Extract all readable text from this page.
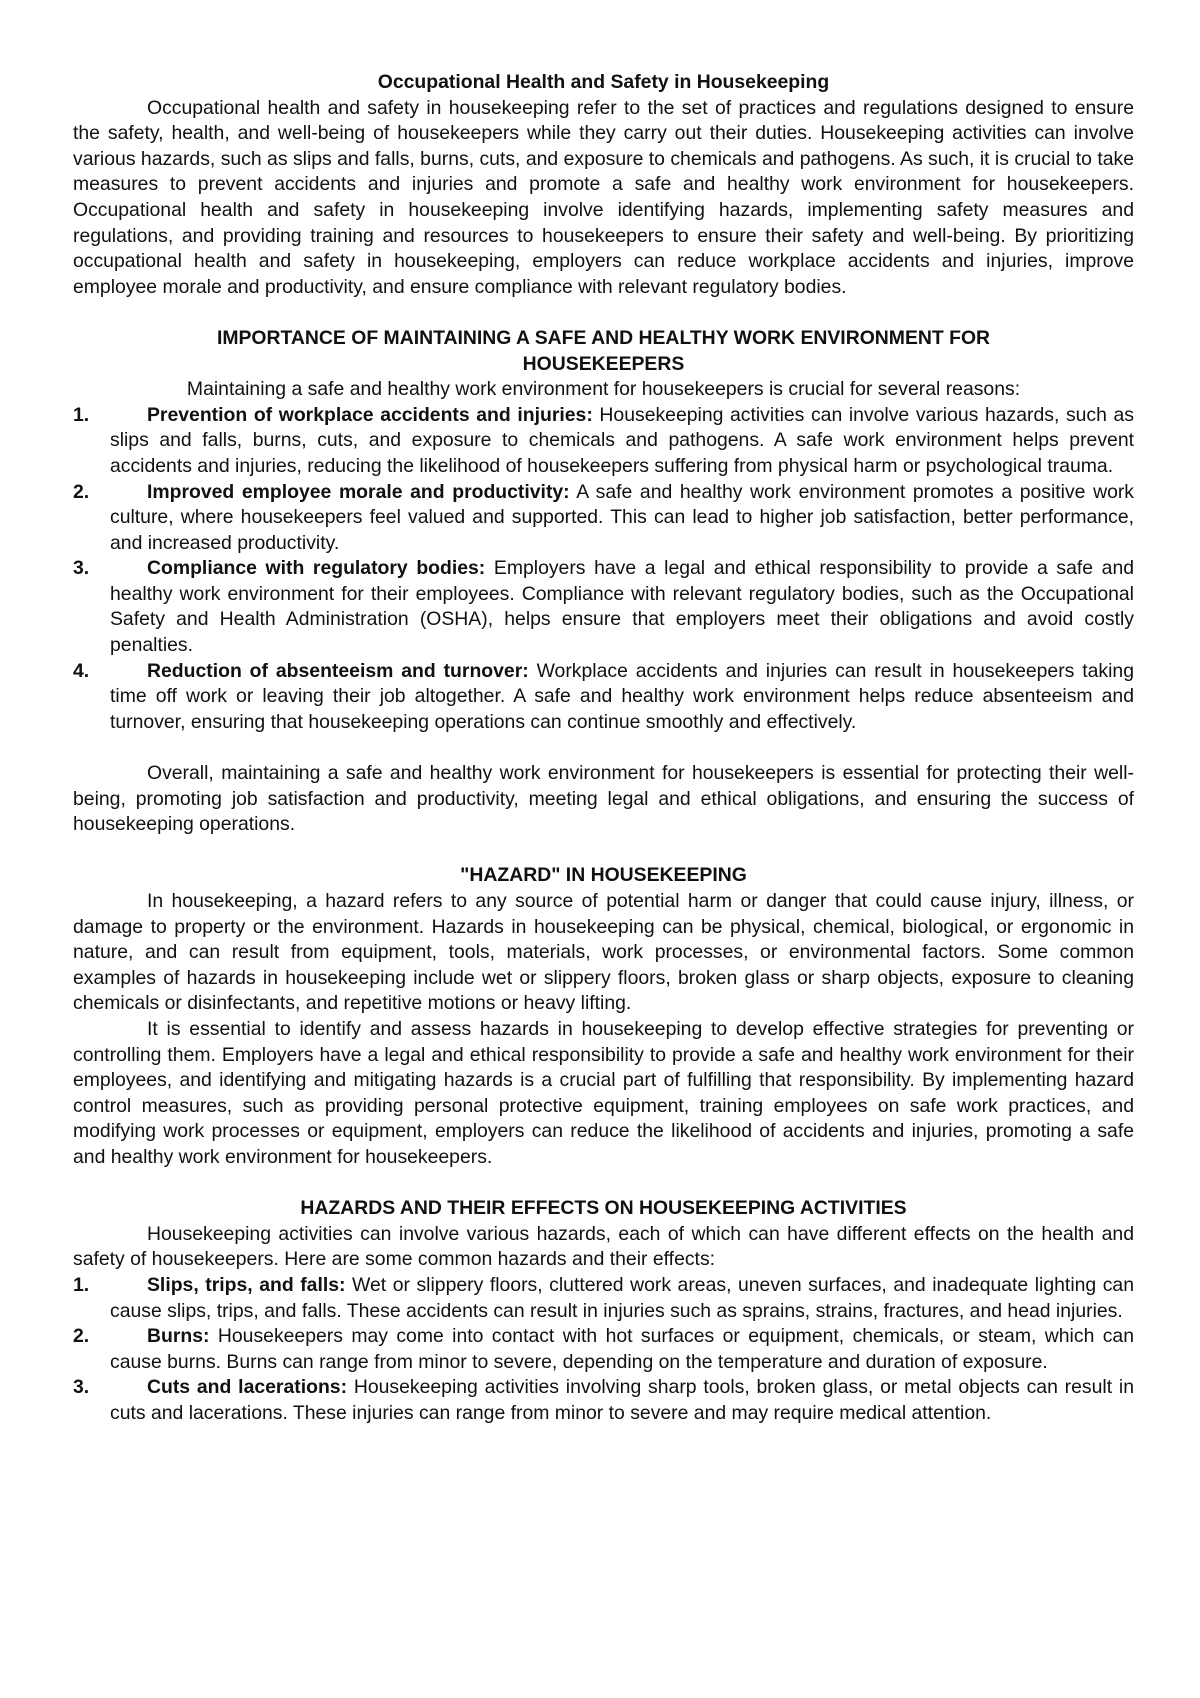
Occupational Health and Safety in Housekeeping

Occupational health and safety in housekeeping refer to the set of practices and regulations designed to ensure the safety, health, and well-being of housekeepers while they carry out their duties. Housekeeping activities can involve various hazards, such as slips and falls, burns, cuts, and exposure to chemicals and pathogens. As such, it is crucial to take measures to prevent accidents and injuries and promote a safe and healthy work environment for housekeepers. Occupational health and safety in housekeeping involve identifying hazards, implementing safety measures and regulations, and providing training and resources to housekeepers to ensure their safety and well-being. By prioritizing occupational health and safety in housekeeping, employers can reduce workplace accidents and injuries, improve employee morale and productivity, and ensure compliance with relevant regulatory bodies.

IMPORTANCE OF MAINTAINING A SAFE AND HEALTHY WORK ENVIRONMENT FOR
HOUSEKEEPERS

Maintaining a safe and healthy work environment for housekeepers is crucial for several reasons:

1.	Prevention of workplace accidents and injuries: Housekeeping activities can involve various hazards, such as slips and falls, burns, cuts, and exposure to chemicals and pathogens. A safe work environment helps prevent accidents and injuries, reducing the likelihood of housekeepers suffering from physical harm or psychological trauma.
2.	Improved employee morale and productivity: A safe and healthy work environment promotes a positive work culture, where housekeepers feel valued and supported. This can lead to higher job satisfaction, better performance, and increased productivity.
3.	Compliance with regulatory bodies: Employers have a legal and ethical responsibility to provide a safe and healthy work environment for their employees. Compliance with relevant regulatory bodies, such as the Occupational Safety and Health Administration (OSHA), helps ensure that employers meet their obligations and avoid costly penalties.
4.	Reduction of absenteeism and turnover: Workplace accidents and injuries can result in housekeepers taking time off work or leaving their job altogether. A safe and healthy work environment helps reduce absenteeism and turnover, ensuring that housekeeping operations can continue smoothly and effectively.

Overall, maintaining a safe and healthy work environment for housekeepers is essential for protecting their well-being, promoting job satisfaction and productivity, meeting legal and ethical obligations, and ensuring the success of housekeeping operations.

"HAZARD" IN HOUSEKEEPING

In housekeeping, a hazard refers to any source of potential harm or danger that could cause injury, illness, or damage to property or the environment. Hazards in housekeeping can be physical, chemical, biological, or ergonomic in nature, and can result from equipment, tools, materials, work processes, or environmental factors. Some common examples of hazards in housekeeping include wet or slippery floors, broken glass or sharp objects, exposure to cleaning chemicals or disinfectants, and repetitive motions or heavy lifting.

It is essential to identify and assess hazards in housekeeping to develop effective strategies for preventing or controlling them. Employers have a legal and ethical responsibility to provide a safe and healthy work environment for their employees, and identifying and mitigating hazards is a crucial part of fulfilling that responsibility. By implementing hazard control measures, such as providing personal protective equipment, training employees on safe work practices, and modifying work processes or equipment, employers can reduce the likelihood of accidents and injuries, promoting a safe and healthy work environment for housekeepers.

HAZARDS AND THEIR EFFECTS ON HOUSEKEEPING ACTIVITIES

Housekeeping activities can involve various hazards, each of which can have different effects on the health and safety of housekeepers. Here are some common hazards and their effects:

1.	Slips, trips, and falls: Wet or slippery floors, cluttered work areas, uneven surfaces, and inadequate lighting can cause slips, trips, and falls. These accidents can result in injuries such as sprains, strains, fractures, and head injuries.
2.	Burns: Housekeepers may come into contact with hot surfaces or equipment, chemicals, or steam, which can cause burns. Burns can range from minor to severe, depending on the temperature and duration of exposure.
3.	Cuts and lacerations: Housekeeping activities involving sharp tools, broken glass, or metal objects can result in cuts and lacerations. These injuries can range from minor to severe and may require medical attention.
